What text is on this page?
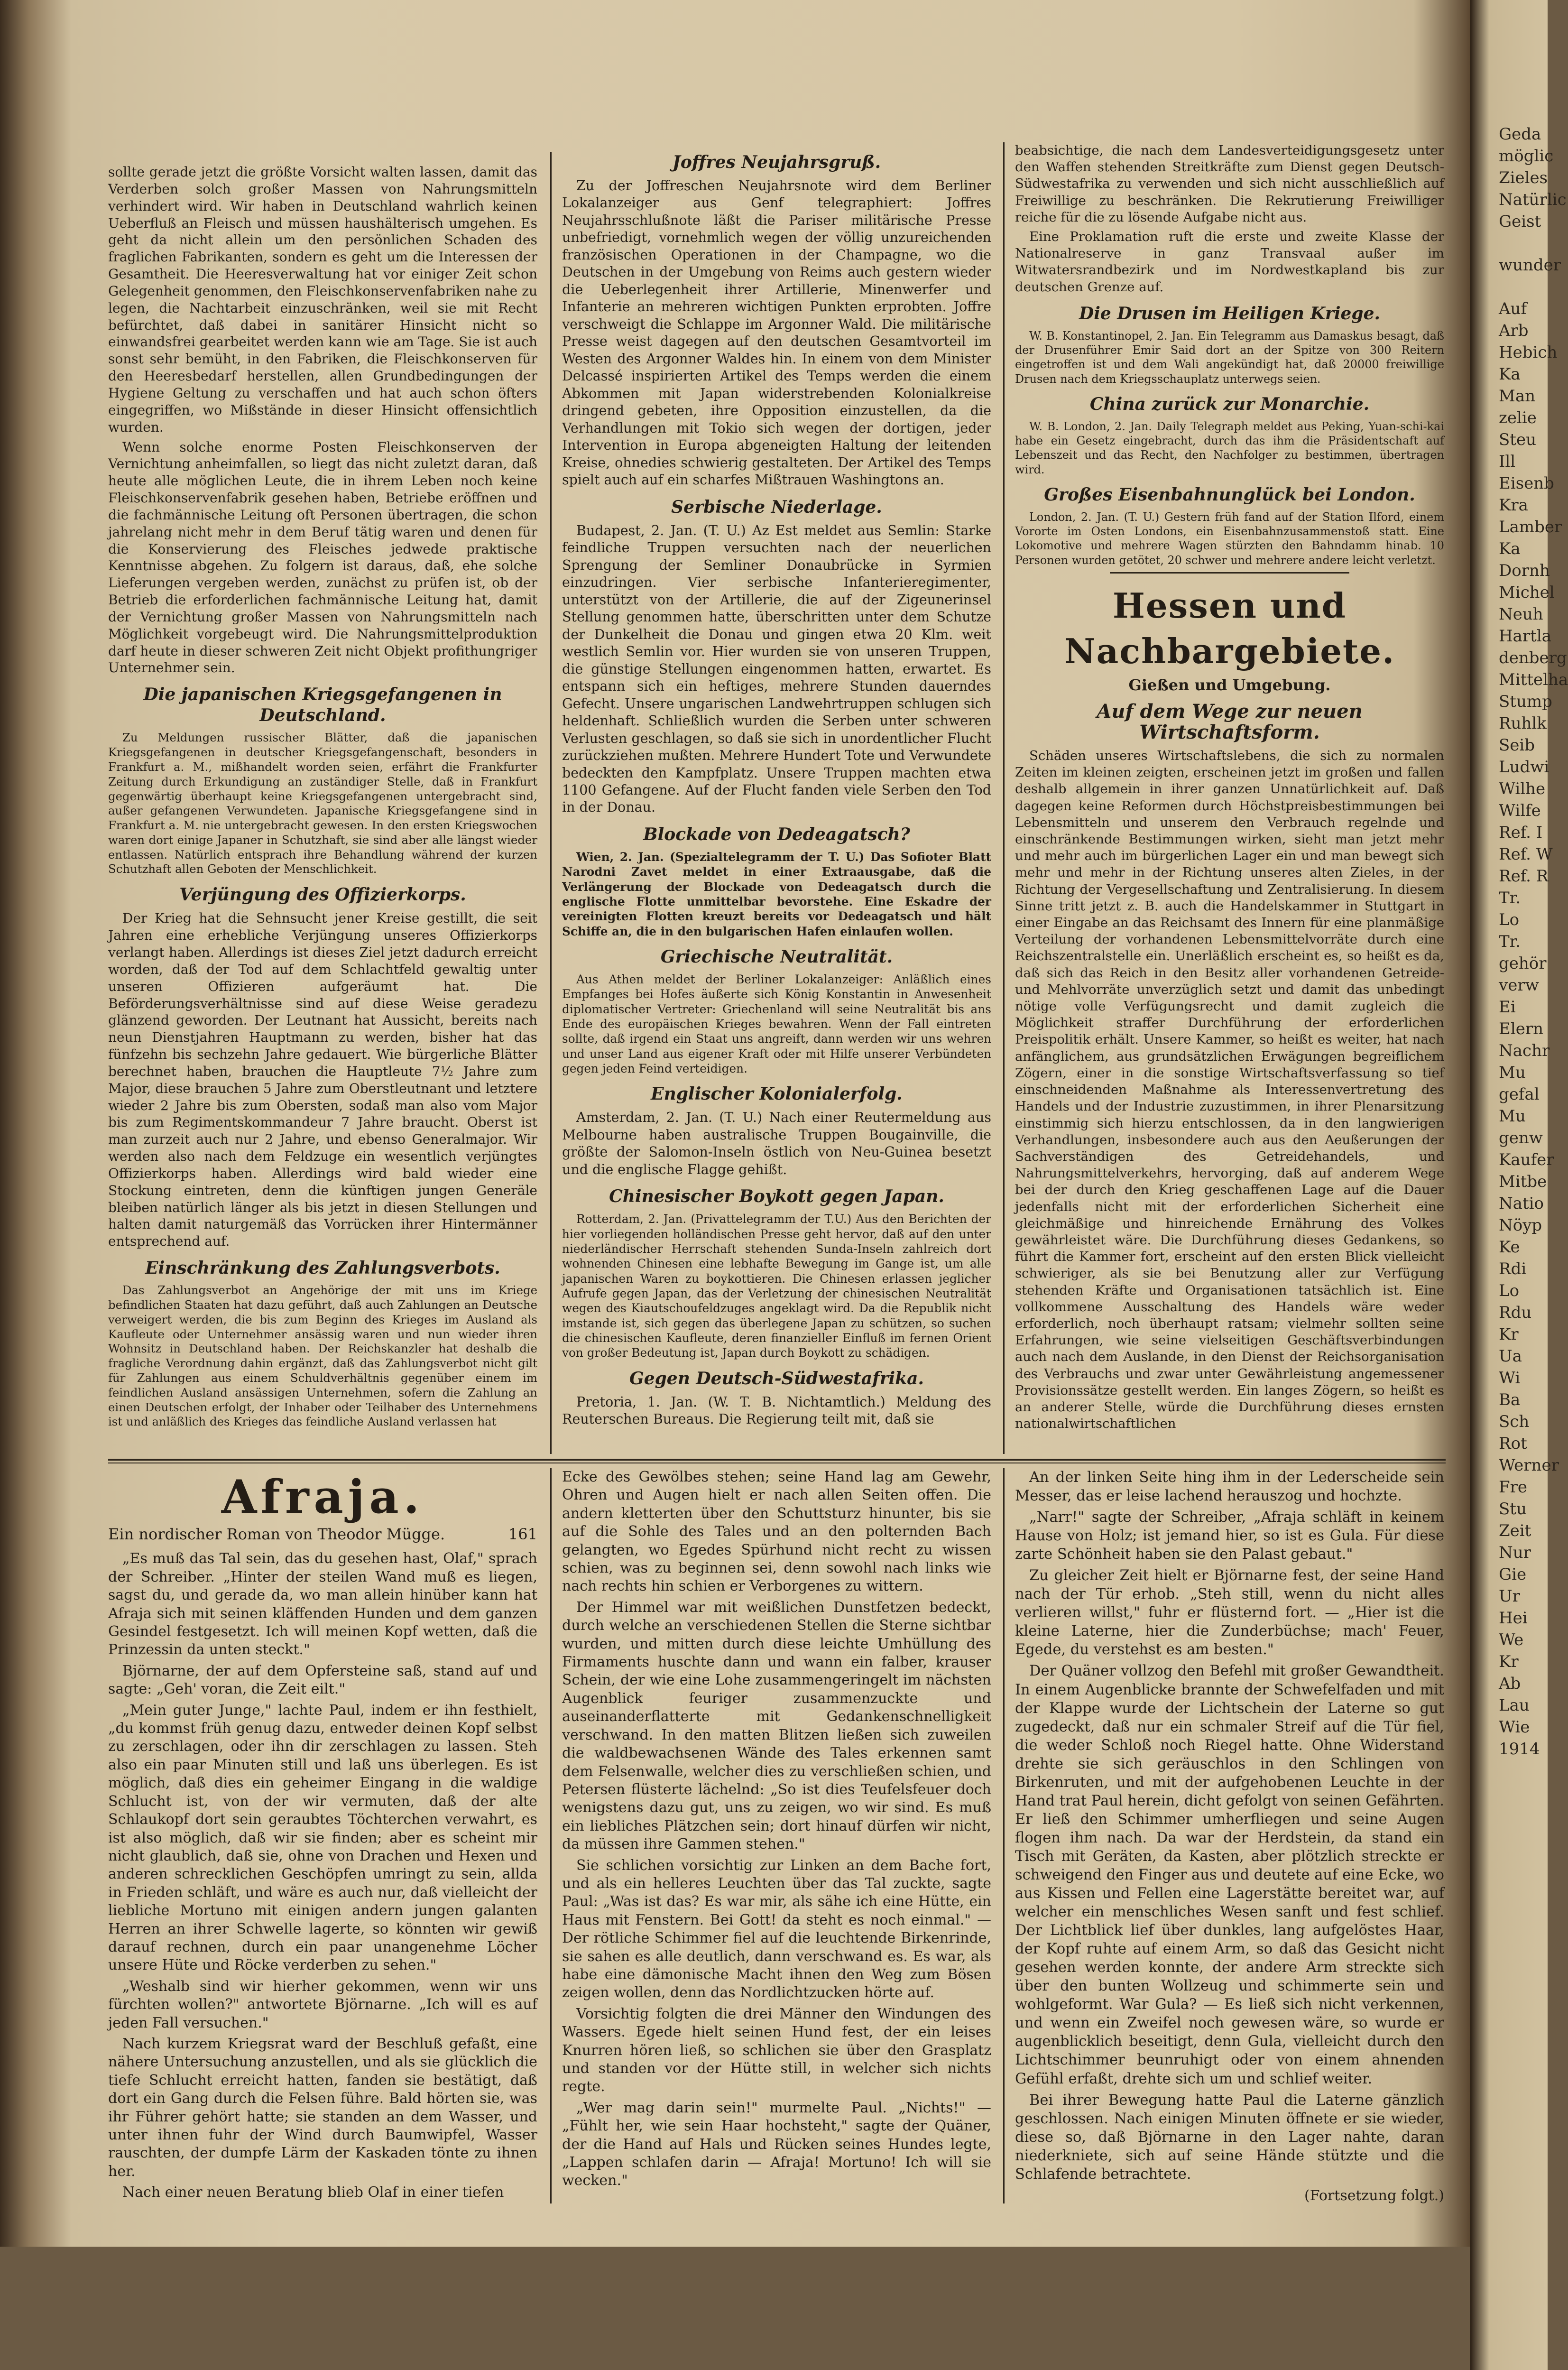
sollte gerade jetzt die größte Vorsicht walten lassen, damit das Verderben solch großer Massen von Nahrungsmitteln verhindert wird. Wir haben in Deutschland wahrlich keinen Ueberfluß an Fleisch und müssen haushälterisch umgehen. Es geht da nicht allein um den persönlichen Schaden des fraglichen Fabrikanten, sondern es geht um die Interessen der Gesamtheit. Die Heeresverwaltung hat vor einiger Zeit schon Gelegenheit genommen, den Fleischkonservenfabriken nahe zu legen, die Nachtarbeit einzuschränken, weil sie mit Recht befürchtet, daß dabei in sanitärer Hinsicht nicht so einwandsfrei gearbeitet werden kann wie am Tage. Sie ist auch sonst sehr bemüht, in den Fabriken, die Fleischkonserven für den Heeresbedarf herstellen, allen Grundbedingungen der Hygiene Geltung zu verschaffen und hat auch schon öfters eingegriffen, wo Mißstände in dieser Hinsicht offensichtlich wurden.

Wenn solche enorme Posten Fleischkonserven der Vernichtung anheimfallen, so liegt das nicht zuletzt daran, daß heute alle möglichen Leute, die in ihrem Leben noch keine Fleischkonservenfabrik gesehen haben, Betriebe eröffnen und die fachmännische Leitung oft Personen übertragen, die schon jahrelang nicht mehr in dem Beruf tätig waren und denen für die Konservierung des Fleisches jedwede praktische Kenntnisse abgehen. Zu folgern ist daraus, daß, ehe solche Lieferungen vergeben werden, zunächst zu prüfen ist, ob der Betrieb die erforderlichen fachmännische Leitung hat, damit der Vernichtung großer Massen von Nahrungsmitteln nach Möglichkeit vorgebeugt wird. Die Nahrungsmittelproduktion darf heute in dieser schweren Zeit nicht Objekt profithungriger Unternehmer sein.

Die japanischen Kriegsgefangenen in Deutschland.

Zu Meldungen russischer Blätter, daß die japanischen Kriegsgefangenen in deutscher Kriegsgefangenschaft, besonders in Frankfurt a. M., mißhandelt worden seien, erfährt die Frankfurter Zeitung durch Erkundigung an zuständiger Stelle, daß in Frankfurt gegenwärtig überhaupt keine Kriegsgefangenen untergebracht sind, außer gefangenen Verwundeten. Japanische Kriegsgefangene sind in Frankfurt a. M. nie untergebracht gewesen. In den ersten Kriegswochen waren dort einige Japaner in Schutzhaft, sie sind aber alle längst wieder entlassen. Natürlich entsprach ihre Behandlung während der kurzen Schutzhaft allen Geboten der Menschlichkeit.

Verjüngung des Offizierkorps.

Der Krieg hat die Sehnsucht jener Kreise gestillt, die seit Jahren eine erhebliche Verjüngung unseres Offizierkorps verlangt haben. Allerdings ist dieses Ziel jetzt dadurch erreicht worden, daß der Tod auf dem Schlachtfeld gewaltig unter unseren Offizieren aufgeräumt hat. Die Beförderungsverhältnisse sind auf diese Weise geradezu glänzend geworden. Der Leutnant hat Aussicht, bereits nach neun Dienstjahren Hauptmann zu werden, bisher hat das fünfzehn bis sechzehn Jahre gedauert. Wie bürgerliche Blätter berechnet haben, brauchen die Hauptleute 7½ Jahre zum Major, diese brauchen 5 Jahre zum Oberstleutnant und letztere wieder 2 Jahre bis zum Obersten, sodaß man also vom Major bis zum Regimentskommandeur 7 Jahre braucht. Oberst ist man zurzeit auch nur 2 Jahre, und ebenso Generalmajor. Wir werden also nach dem Feldzuge ein wesentlich verjüngtes Offizierkorps haben. Allerdings wird bald wieder eine Stockung eintreten, denn die künftigen jungen Generäle bleiben natürlich länger als bis jetzt in diesen Stellungen und halten damit naturgemäß das Vorrücken ihrer Hintermänner entsprechend auf.

Einschränkung des Zahlungsverbots.

Das Zahlungsverbot an Angehörige der mit uns im Kriege befindlichen Staaten hat dazu geführt, daß auch Zahlungen an Deutsche verweigert werden, die bis zum Beginn des Krieges im Ausland als Kaufleute oder Unternehmer ansässig waren und nun wieder ihren Wohnsitz in Deutschland haben. Der Reichskanzler hat deshalb die fragliche Verordnung dahin ergänzt, daß das Zahlungsverbot nicht gilt für Zahlungen aus einem Schuldverhältnis gegenüber einem im feindlichen Ausland ansässigen Unternehmen, sofern die Zahlung an einen Deutschen erfolgt, der Inhaber oder Teilhaber des Unternehmens ist und anläßlich des Krieges das feindliche Ausland verlassen hat

Joffres Neujahrsgruß.

Zu der Joffreschen Neujahrsnote wird dem Berliner Lokalanzeiger aus Genf telegraphiert: Joffres Neujahrsschlußnote läßt die Pariser militärische Presse unbefriedigt, vornehmlich wegen der völlig unzureichenden französischen Operationen in der Champagne, wo die Deutschen in der Umgebung von Reims auch gestern wieder die Ueberlegenheit ihrer Artillerie, Minenwerfer und Infanterie an mehreren wichtigen Punkten erprobten. Joffre verschweigt die Schlappe im Argonner Wald. Die militärische Presse weist dagegen auf den deutschen Gesamtvorteil im Westen des Argonner Waldes hin. In einem von dem Minister Delcassé inspirierten Artikel des Temps werden die einem Abkommen mit Japan widerstrebenden Kolonialkreise dringend gebeten, ihre Opposition einzustellen, da die Verhandlungen mit Tokio sich wegen der dortigen, jeder Intervention in Europa abgeneigten Haltung der leitenden Kreise, ohnedies schwierig gestalteten. Der Artikel des Temps spielt auch auf ein scharfes Mißtrauen Washingtons an.

Serbische Niederlage.

Budapest, 2. Jan. (T. U.) Az Est meldet aus Semlin: Starke feindliche Truppen versuchten nach der neuerlichen Sprengung der Semliner Donaubrücke in Syrmien einzudringen. Vier serbische Infanterieregimenter, unterstützt von der Artillerie, die auf der Zigeunerinsel Stellung genommen hatte, überschritten unter dem Schutze der Dunkelheit die Donau und gingen etwa 20 Klm. weit westlich Semlin vor. Hier wurden sie von unseren Truppen, die günstige Stellungen eingenommen hatten, erwartet. Es entspann sich ein heftiges, mehrere Stunden dauerndes Gefecht. Unsere ungarischen Landwehrtruppen schlugen sich heldenhaft. Schließlich wurden die Serben unter schweren Verlusten geschlagen, so daß sie sich in unordentlicher Flucht zurückziehen mußten. Mehrere Hundert Tote und Verwundete bedeckten den Kampfplatz. Unsere Truppen machten etwa 1100 Gefangene. Auf der Flucht fanden viele Serben den Tod in der Donau.

Blockade von Dedeagatsch?

Wien, 2. Jan. (Spezialtelegramm der T. U.) Das Sofioter Blatt Narodni Zavet meldet in einer Extraausgabe, daß die Verlängerung der Blockade von Dedeagatsch durch die englische Flotte unmittelbar bevorstehe. Eine Eskadre der vereinigten Flotten kreuzt bereits vor Dedeagatsch und hält Schiffe an, die in den bulgarischen Hafen einlaufen wollen.

Griechische Neutralität.

Aus Athen meldet der Berliner Lokalanzeiger: Anläßlich eines Empfanges bei Hofes äußerte sich König Konstantin in Anwesenheit diplomatischer Vertreter: Griechenland will seine Neutralität bis ans Ende des europäischen Krieges bewahren. Wenn der Fall eintreten sollte, daß irgend ein Staat uns angreift, dann werden wir uns wehren und unser Land aus eigener Kraft oder mit Hilfe unserer Verbündeten gegen jeden Feind verteidigen.

Englischer Kolonialerfolg.

Amsterdam, 2. Jan. (T. U.) Nach einer Reutermeldung aus Melbourne haben australische Truppen Bougainville, die größte der Salomon-Inseln östlich von Neu-Guinea besetzt und die englische Flagge gehißt.

Chinesischer Boykott gegen Japan.

Rotterdam, 2. Jan. (Privattelegramm der T.U.) Aus den Berichten der hier vorliegenden holländischen Presse geht hervor, daß auf den unter niederländischer Herrschaft stehenden Sunda-Inseln zahlreich dort wohnenden Chinesen eine lebhafte Bewegung im Gange ist, um alle japanischen Waren zu boykottieren. Die Chinesen erlassen jeglicher Aufrufe gegen Japan, das der Verletzung der chinesischen Neutralität wegen des Kiautschoufeldzuges angeklagt wird. Da die Republik nicht imstande ist, sich gegen das überlegene Japan zu schützen, so suchen die chinesischen Kaufleute, deren finanzieller Einfluß im fernen Orient von großer Bedeutung ist, Japan durch Boykott zu schädigen.

Gegen Deutsch-Südwestafrika.

Pretoria, 1. Jan. (W. T. B. Nichtamtlich.) Meldung des Reuterschen Bureaus. Die Regierung teilt mit, daß sie

beabsichtige, die nach dem Landesverteidigungsgesetz unter den Waffen stehenden Streitkräfte zum Dienst gegen Deutsch-Südwestafrika zu verwenden und sich nicht ausschließlich auf Freiwillige zu beschränken. Die Rekrutierung Freiwilliger reiche für die zu lösende Aufgabe nicht aus.

Eine Proklamation ruft die erste und zweite Klasse der Nationalreserve in ganz Transvaal außer im Witwatersrandbezirk und im Nordwestkapland bis zur deutschen Grenze auf.

Die Drusen im Heiligen Kriege.

W. B. Konstantinopel, 2. Jan. Ein Telegramm aus Damaskus besagt, daß der Drusenführer Emir Said dort an der Spitze von 300 Reitern eingetroffen ist und dem Wali angekündigt hat, daß 20000 freiwillige Drusen nach dem Kriegsschauplatz unterwegs seien.

China zurück zur Monarchie.

W. B. London, 2. Jan. Daily Telegraph meldet aus Peking, Yuan-schi-kai habe ein Gesetz eingebracht, durch das ihm die Präsidentschaft auf Lebenszeit und das Recht, den Nachfolger zu bestimmen, übertragen wird.

Großes Eisenbahnunglück bei London.

London, 2. Jan. (T. U.) Gestern früh fand auf der Station Ilford, einem Vororte im Osten Londons, ein Eisenbahnzusammenstoß statt. Eine Lokomotive und mehrere Wagen stürzten den Bahndamm hinab. 10 Personen wurden getötet, 20 schwer und mehrere andere leicht verletzt.

Hessen und Nachbargebiete.
Gießen und Umgebung.
Auf dem Wege zur neuen Wirtschaftsform.

Schäden unseres Wirtschaftslebens, die sich zu normalen Zeiten im kleinen zeigten, erscheinen jetzt im großen und fallen deshalb allgemein in ihrer ganzen Unnatürlichkeit auf. Daß dagegen keine Reformen durch Höchstpreisbestimmungen bei Lebensmitteln und unserem den Verbrauch regelnde und einschränkende Bestimmungen wirken, sieht man jetzt mehr und mehr auch im bürgerlichen Lager ein und man bewegt sich mehr und mehr in der Richtung unseres alten Zieles, in der Richtung der Vergesellschaftung und Zentralisierung. In diesem Sinne tritt jetzt z. B. auch die Handelskammer in Stuttgart in einer Eingabe an das Reichsamt des Innern für eine planmäßige Verteilung der vorhandenen Lebensmittelvorräte durch eine Reichszentralstelle ein. Unerläßlich erscheint es, so heißt es da, daß sich das Reich in den Besitz aller vorhandenen Getreide- und Mehlvorräte unverzüglich setzt und damit das unbedingt nötige volle Verfügungsrecht und damit zugleich die Möglichkeit straffer Durchführung der erforderlichen Preispolitik erhält. Unsere Kammer, so heißt es weiter, hat nach anfänglichem, aus grundsätzlichen Erwägungen begreiflichem Zögern, einer in die sonstige Wirtschaftsverfassung so tief einschneidenden Maßnahme als Interessenvertretung des Handels und der Industrie zuzustimmen, in ihrer Plenarsitzung einstimmig sich hierzu entschlossen, da in den langwierigen Verhandlungen, insbesondere auch aus den Aeußerungen der Sachverständigen des Getreidehandels, und Nahrungsmittelverkehrs, hervorging, daß auf anderem Wege bei der durch den Krieg geschaffenen Lage auf die Dauer jedenfalls nicht mit der erforderlichen Sicherheit eine gleichmäßige und hinreichende Ernährung des Volkes gewährleistet wäre. Die Durchführung dieses Gedankens, so führt die Kammer fort, erscheint auf den ersten Blick vielleicht schwieriger, als sie bei Benutzung aller zur Verfügung stehenden Kräfte und Organisationen tatsächlich ist. Eine vollkommene Ausschaltung des Handels wäre weder erforderlich, noch überhaupt ratsam; vielmehr sollten seine Erfahrungen, wie seine vielseitigen Geschäftsverbindungen auch nach dem Auslande, in den Dienst der Reichsorganisation des Verbrauchs und zwar unter Gewährleistung angemessener Provisionssätze gestellt werden. Ein langes Zögern, so heißt es an anderer Stelle, würde die Durchführung dieses ernsten nationalwirtschaftlichen

Afraja.
Ein nordischer Roman von Theodor Mügge.	161

„Es muß das Tal sein, das du gesehen hast, Olaf," sprach der Schreiber. „Hinter der steilen Wand muß es liegen, sagst du, und gerade da, wo man allein hinüber kann hat Afraja sich mit seinen kläffenden Hunden und dem ganzen Gesindel festgesetzt. Ich will meinen Kopf wetten, daß die Prinzessin da unten steckt."

Björnarne, der auf dem Opfersteine saß, stand auf und sagte: „Geh' voran, die Zeit eilt."

„Mein guter Junge," lachte Paul, indem er ihn festhielt, „du kommst früh genug dazu, entweder deinen Kopf selbst zu zerschlagen, oder ihn dir zerschlagen zu lassen. Steh also ein paar Minuten still und laß uns überlegen. Es ist möglich, daß dies ein geheimer Eingang in die waldige Schlucht ist, von der wir vermuten, daß der alte Schlaukopf dort sein geraubtes Töchterchen verwahrt, es ist also möglich, daß wir sie finden; aber es scheint mir nicht glaublich, daß sie, ohne von Drachen und Hexen und anderen schrecklichen Geschöpfen umringt zu sein, allda in Frieden schläft, und wäre es auch nur, daß vielleicht der liebliche Mortuno mit einigen andern jungen galanten Herren an ihrer Schwelle lagerte, so könnten wir gewiß darauf rechnen, durch ein paar unangenehme Löcher unsere Hüte und Röcke verderben zu sehen."

„Weshalb sind wir hierher gekommen, wenn wir uns fürchten wollen?" antwortete Björnarne. „Ich will es auf jeden Fall versuchen."

Nach kurzem Kriegsrat ward der Beschluß gefaßt, eine nähere Untersuchung anzustellen, und als sie glücklich die tiefe Schlucht erreicht hatten, fanden sie bestätigt, daß dort ein Gang durch die Felsen führe. Bald hörten sie, was ihr Führer gehört hatte; sie standen an dem Wasser, und unter ihnen fuhr der Wind durch Baumwipfel, Wasser rauschten, der dumpfe Lärm der Kaskaden tönte zu ihnen her.

Nach einer neuen Beratung blieb Olaf in einer tiefen

Ecke des Gewölbes stehen; seine Hand lag am Gewehr, Ohren und Augen hielt er nach allen Seiten offen. Die andern kletterten über den Schuttsturz hinunter, bis sie auf die Sohle des Tales und an den polternden Bach gelangten, wo Egedes Spürhund nicht recht zu wissen schien, was zu beginnen sei, denn sowohl nach links wie nach rechts hin schien er Verborgenes zu wittern.

Der Himmel war mit weißlichen Dunstfetzen bedeckt, durch welche an verschiedenen Stellen die Sterne sichtbar wurden, und mitten durch diese leichte Umhüllung des Firmaments huschte dann und wann ein falber, krauser Schein, der wie eine Lohe zusammengeringelt im nächsten Augenblick feuriger zusammenzuckte und auseinanderflatterte mit Gedankenschnelligkeit verschwand. In den matten Blitzen ließen sich zuweilen die waldbewachsenen Wände des Tales erkennen samt dem Felsenwalle, welcher dies zu verschließen schien, und Petersen flüsterte lächelnd: „So ist dies Teufelsfeuer doch wenigstens dazu gut, uns zu zeigen, wo wir sind. Es muß ein liebliches Plätzchen sein; dort hinauf dürfen wir nicht, da müssen ihre Gammen stehen."

Sie schlichen vorsichtig zur Linken an dem Bache fort, und als ein helleres Leuchten über das Tal zuckte, sagte Paul: „Was ist das? Es war mir, als sähe ich eine Hütte, ein Haus mit Fenstern. Bei Gott! da steht es noch einmal." — Der rötliche Schimmer fiel auf die leuchtende Birkenrinde, sie sahen es alle deutlich, dann verschwand es. Es war, als habe eine dämonische Macht ihnen den Weg zum Bösen zeigen wollen, denn das Nordlichtzucken hörte auf.

Vorsichtig folgten die drei Männer den Windungen des Wassers. Egede hielt seinen Hund fest, der ein leises Knurren hören ließ, so schlichen sie über den Grasplatz und standen vor der Hütte still, in welcher sich nichts regte.

„Wer mag darin sein!" murmelte Paul. „Nichts!" — „Fühlt her, wie sein Haar hochsteht," sagte der Quäner, der die Hand auf Hals und Rücken seines Hundes legte, „Lappen schlafen darin — Afraja! Mortuno! Ich will sie wecken."

An der linken Seite hing ihm in der Lederscheide sein Messer, das er leise lachend herauszog und hochzte.

„Narr!" sagte der Schreiber, „Afraja schläft in keinem Hause von Holz; ist jemand hier, so ist es Gula. Für diese zarte Schönheit haben sie den Palast gebaut."

Zu gleicher Zeit hielt er Björnarne fest, der seine Hand nach der Tür erhob. „Steh still, wenn du nicht alles verlieren willst," fuhr er flüsternd fort. — „Hier ist die kleine Laterne, hier die Zunderbüchse; mach' Feuer, Egede, du verstehst es am besten."

Der Quäner vollzog den Befehl mit großer Gewandtheit. In einem Augenblicke brannte der Schwefelfaden und mit der Klappe wurde der Lichtschein der Laterne so gut zugedeckt, daß nur ein schmaler Streif auf die Tür fiel, die weder Schloß noch Riegel hatte. Ohne Widerstand drehte sie sich geräuschlos in den Schlingen von Birkenruten, und mit der aufgehobenen Leuchte in der Hand trat Paul herein, dicht gefolgt von seinen Gefährten. Er ließ den Schimmer umherfliegen und seine Augen flogen ihm nach. Da war der Herdstein, da stand ein Tisch mit Geräten, da Kasten, aber plötzlich streckte er schweigend den Finger aus und deutete auf eine Ecke, wo aus Kissen und Fellen eine Lagerstätte bereitet war, auf welcher ein menschliches Wesen sanft und fest schlief. Der Lichtblick lief über dunkles, lang aufgelöstes Haar, der Kopf ruhte auf einem Arm, so daß das Gesicht nicht gesehen werden konnte, der andere Arm streckte sich über den bunten Wollzeug und schimmerte sein und wohlgeformt. War Gula? — Es ließ sich nicht verkennen, und wenn ein Zweifel noch gewesen wäre, so wurde er augenblicklich beseitigt, denn Gula, vielleicht durch den Lichtschimmer beunruhigt oder von einem ahnenden Gefühl erfaßt, drehte sich um und schlief weiter.

Bei ihrer Bewegung hatte Paul die Laterne gänzlich geschlossen. Nach einigen Minuten öffnete er sie wieder, diese so, daß Björnarne in den Lager nahte, daran niederkniete, sich auf seine Hände stützte und die Schlafende betrachtete.

(Fortsetzung folgt.)
Geda
möglic
Zieles
Natürlic
Geist

wunder

Auf
Arb
Hebich
Ka
Man
zelie
Steu
Ill
Eisenb
Kra
Lamber
Ka
Dornh
Michel
Neuh
Hartla
denberg
Mittelha
Stump
Ruhlk
Seib
Ludwi
Wilhe
Wilfe
Ref. I
Ref. W
Ref. R
Tr.
Lo
Tr.
gehör
verw
Ei
Elern
Nachr
Mu
gefal
Mu
genw
Kaufer
Mitbe
Natio
Nöyp
Ke
Rdi
Lo
Rdu
Kr
Ua
Wi
Ba
Sch
Rot
Werner
Fre
Stu
Zeit
Nur
Gie
Ur
Hei
We
Kr
Ab
Lau
Wie
1914
